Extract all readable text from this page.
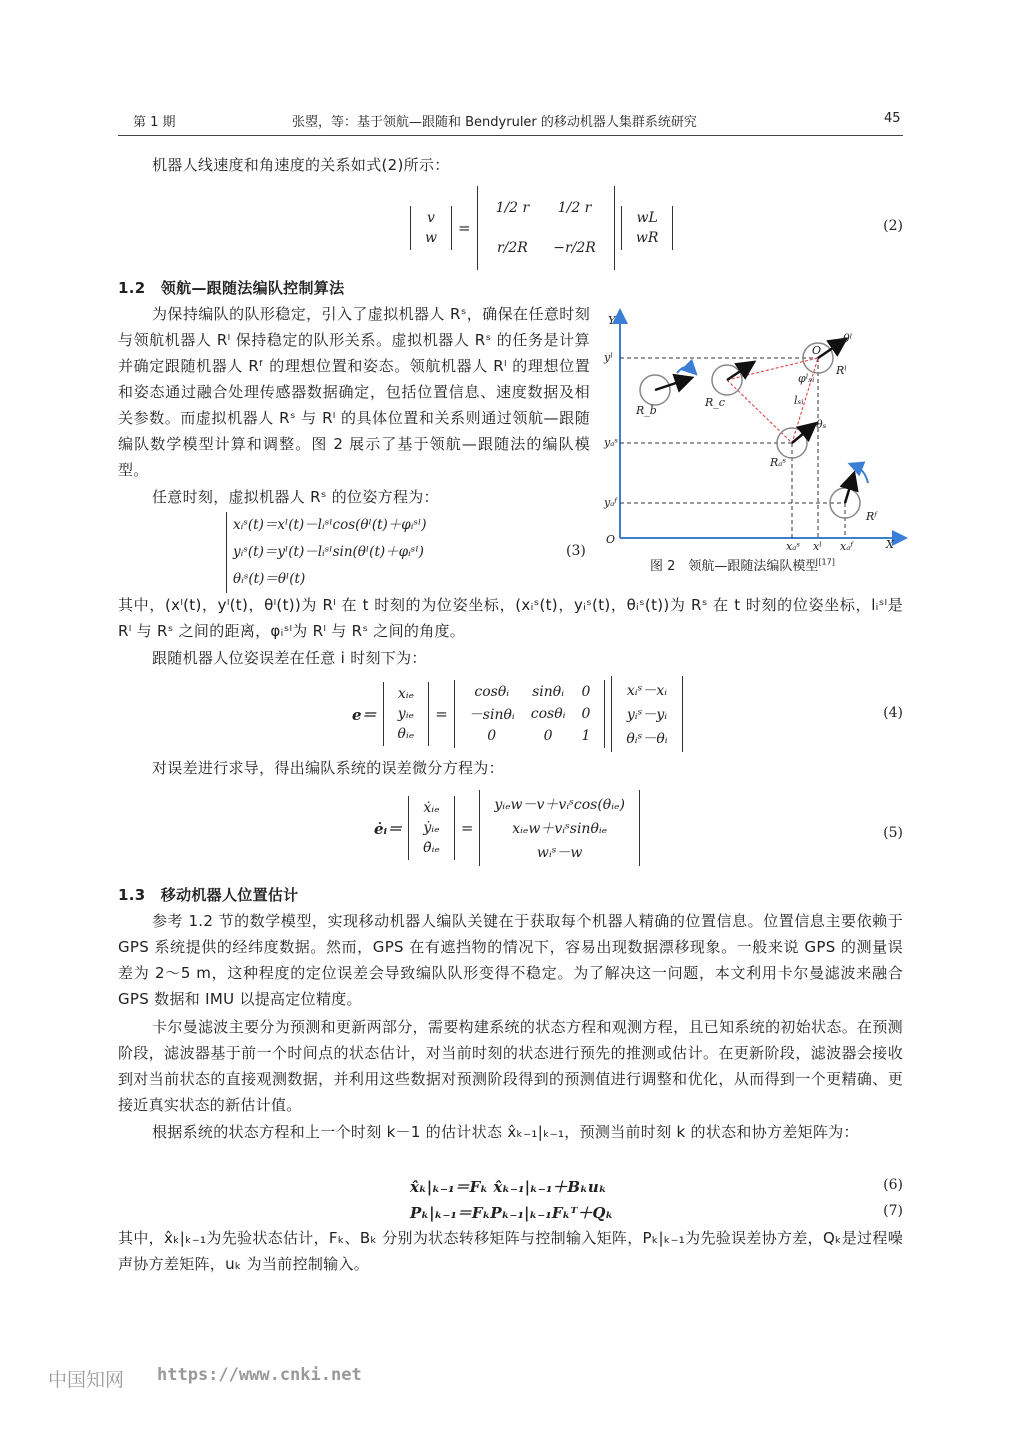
第 1 期	张曌，等：基于领航—跟随和 Bendyruler 的移动机器人集群系统研究	45
机器人线速度和角速度的关系如式(2)所示：
v
w
=
1/2 r	1/2 r
r/2R	−r/2R
wL
wR
(2)
1.2　领航—跟随法编队控制算法
为保持编队的队形稳定，引入了虚拟机器人 Rˢ，确保在任意时刻与领航机器人 Rˡ 保持稳定的队形关系。虚拟机器人 Rˢ 的任务是计算并确定跟随机器人 Rᶠ 的理想位置和姿态。领航机器人 Rˡ 的理想位置和姿态通过融合处理传感器数据确定，包括位置信息、速度数据及相关参数。而虚拟机器人 Rˢ 与 Rˡ 的具体位置和关系则通过领航—跟随编队数学模型计算和调整。图 2 展示了基于领航—跟随法的编队模型。
任意时刻，虚拟机器人 Rˢ 的位姿方程为：
xᵢˢ(t)＝xˡ(t)－lᵢˢˡcos(θˡ(t)＋φᵢˢˡ)
yᵢˢ(t)＝yˡ(t)－lᵢˢˡsin(θˡ(t)＋φᵢˢˡ)
θᵢˢ(t)＝θˡ(t)
(3)
Y
X
O
yˡ
yₐˢ
yₐᶠ
xₐˢ xˡ xₐᶠ
R_b
R_c
Rˡ
Rₐˢ
Rᶠ
θˡ
θₛ
φˡₛᵢ
lₛᵢ
O
图 2　领航—跟随法编队模型[17]
其中，(xˡ(t)，yˡ(t)，θˡ(t))为 Rˡ 在 t 时刻的为位姿坐标，(xᵢˢ(t)，yᵢˢ(t)，θᵢˢ(t))为 Rˢ 在 t 时刻的位姿坐标，lᵢˢˡ是 Rˡ 与 Rˢ 之间的距离，φᵢˢˡ为 Rˡ 与 Rˢ 之间的角度。
跟随机器人位姿误差在任意 i 时刻下为：
e＝
xᵢₑ
yᵢₑ
θᵢₑ
=
cosθᵢ	sinθᵢ	0
－sinθᵢ	cosθᵢ	0
0	0	1
xᵢˢ－xᵢ
yᵢˢ－yᵢ
θᵢˢ－θᵢ
(4)
对误差进行求导，得出编队系统的误差微分方程为：
ėᵢ＝
ẋᵢₑ
ẏᵢₑ
θ̇ᵢₑ
=
yᵢₑw－v＋vᵢˢcos(θᵢₑ)
xᵢₑw＋vᵢˢsinθᵢₑ
wᵢˢ－w
(5)
1.3　移动机器人位置估计
参考 1.2 节的数学模型，实现移动机器人编队关键在于获取每个机器人精确的位置信息。位置信息主要依赖于 GPS 系统提供的经纬度数据。然而，GPS 在有遮挡物的情况下，容易出现数据漂移现象。一般来说 GPS 的测量误差为 2～5 m，这种程度的定位误差会导致编队队形变得不稳定。为了解决这一问题，本文利用卡尔曼滤波来融合 GPS 数据和 IMU 以提高定位精度。
卡尔曼滤波主要分为预测和更新两部分，需要构建系统的状态方程和观测方程，且已知系统的初始状态。在预测阶段，滤波器基于前一个时间点的状态估计，对当前时刻的状态进行预先的推测或估计。在更新阶段，滤波器会接收到对当前状态的直接观测数据，并利用这些数据对预测阶段得到的预测值进行调整和优化，从而得到一个更精确、更接近真实状态的新估计值。
根据系统的状态方程和上一个时刻 k－1 的估计状态 x̂ₖ₋₁|ₖ₋₁，预测当前时刻 k 的状态和协方差矩阵为：
x̂ₖ|ₖ₋₁＝Fₖ x̂ₖ₋₁|ₖ₋₁＋Bₖuₖ	(6)
Pₖ|ₖ₋₁＝FₖPₖ₋₁|ₖ₋₁Fₖᵀ＋Qₖ	(7)
其中，x̂ₖ|ₖ₋₁为先验状态估计，Fₖ、Bₖ 分别为状态转移矩阵与控制输入矩阵，Pₖ|ₖ₋₁为先验误差协方差，Qₖ是过程噪声协方差矩阵，uₖ 为当前控制输入。
中国知网 https://www.cnki.net
